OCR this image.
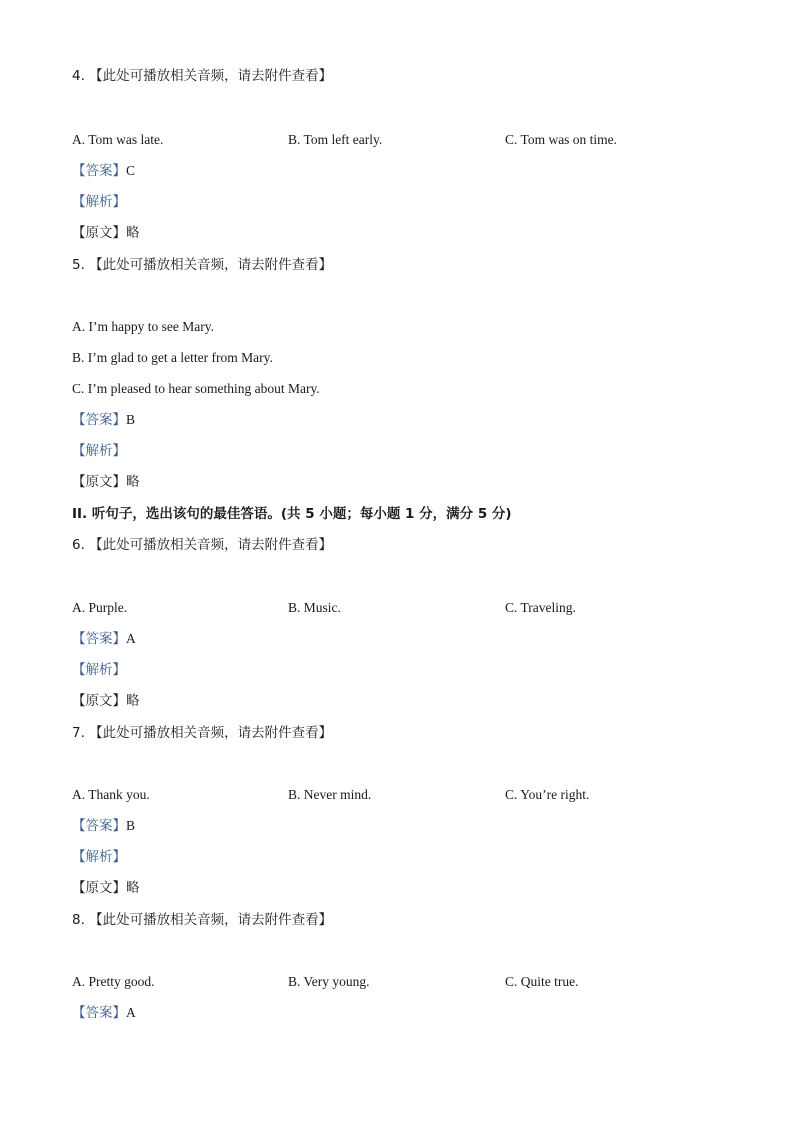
4. 【此处可播放相关音频，请去附件查看】
A. Tom was late.	B. Tom left early.	C. Tom was on time.
【答案】C
【解析】
【原文】略
5. 【此处可播放相关音频，请去附件查看】
A. I’m happy to see Mary.
B. I’m glad to get a letter from Mary.
C. I’m pleased to hear something about Mary.
【答案】B
【解析】
【原文】略
II. 听句子，选出该句的最佳答语。(共 5 小题；每小题 1 分，满分 5 分)
6. 【此处可播放相关音频，请去附件查看】
A. Purple.	B. Music.	C. Traveling.
【答案】A
【解析】
【原文】略
7. 【此处可播放相关音频，请去附件查看】
A. Thank you.	B. Never mind.	C. You’re right.
【答案】B
【解析】
【原文】略
8. 【此处可播放相关音频，请去附件查看】
A. Pretty good.	B. Very young.	C. Quite true.
【答案】A
